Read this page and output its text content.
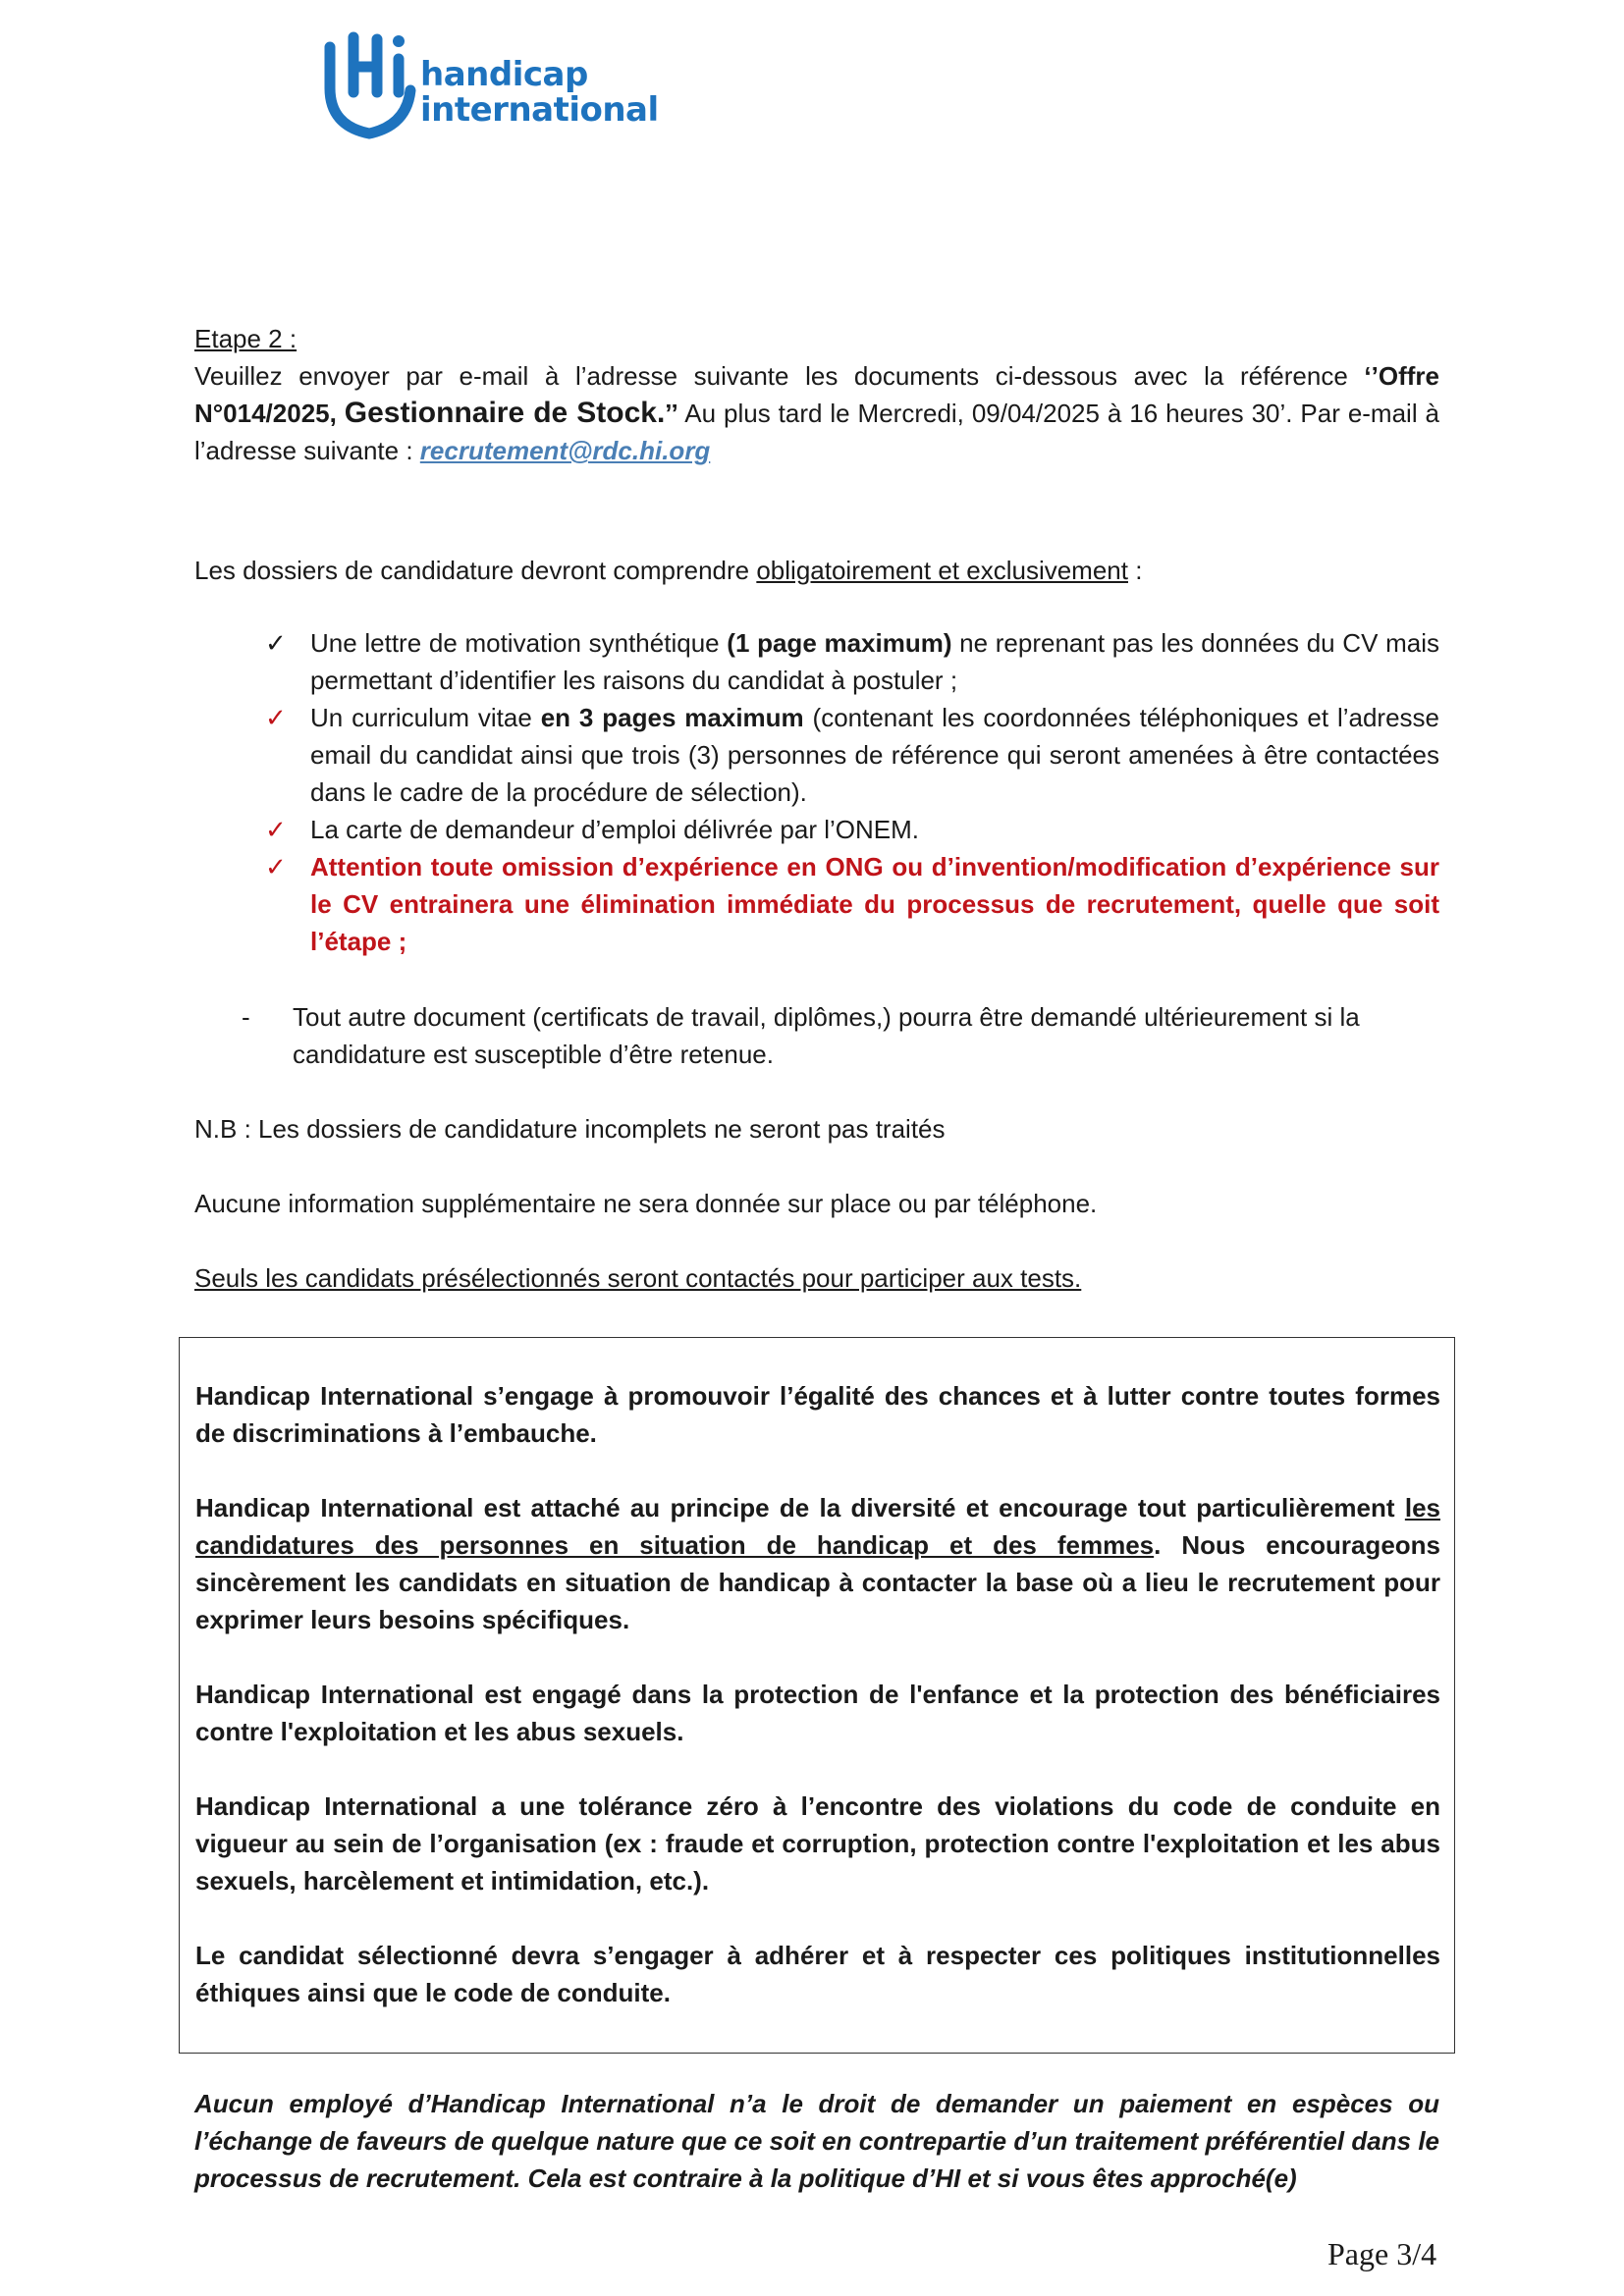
handicap
international
Etape 2 :
Veuillez envoyer par e-mail à l’adresse suivante les documents ci-dessous avec la référence ‘’Offre N°014/2025, Gestionnaire de Stock.’’ Au plus tard le Mercredi, 09/04/2025 à 16 heures 30’. Par e-mail à l’adresse suivante : recrutement@rdc.hi.org
Les dossiers de candidature devront comprendre obligatoirement et exclusivement :
✓ Une lettre de motivation synthétique (1 page maximum) ne reprenant pas les données du CV mais permettant d’identifier les raisons du candidat à postuler ;
✓ Un curriculum vitae en 3 pages maximum (contenant les coordonnées téléphoniques et l’adresse email du candidat ainsi que trois (3) personnes de référence qui seront amenées à être contactées dans le cadre de la procédure de sélection).
✓ La carte de demandeur d’emploi délivrée par l’ONEM.
✓ Attention toute omission d’expérience en ONG ou d’invention/modification d’expérience sur le CV entrainera une élimination immédiate du processus de recrutement, quelle que soit l’étape ;
-	Tout autre document (certificats de travail, diplômes,) pourra être demandé ultérieurement si la candidature est susceptible d’être retenue.
N.B : Les dossiers de candidature incomplets ne seront pas traités
Aucune information supplémentaire ne sera donnée sur place ou par téléphone.
Seuls les candidats présélectionnés seront contactés pour participer aux tests.

Handicap International s’engage à promouvoir l’égalité des chances et à lutter contre toutes formes de discriminations à l’embauche.

Handicap International est attaché au principe de la diversité et encourage tout particulièrement les candidatures des personnes en situation de handicap et des femmes. Nous encourageons sincèrement les candidats en situation de handicap à contacter la base où a lieu le recrutement pour exprimer leurs besoins spécifiques.

Handicap International est engagé dans la protection de l'enfance et la protection des bénéficiaires contre l'exploitation et les abus sexuels.

Handicap International a une tolérance zéro à l’encontre des violations du code de conduite en vigueur au sein de l’organisation (ex : fraude et corruption, protection contre l'exploitation et les abus sexuels, harcèlement et intimidation, etc.).

Le candidat sélectionné devra s’engager à adhérer et à respecter ces politiques institutionnelles éthiques ainsi que le code de conduite.

Aucun employé d’Handicap International n’a le droit de demander un paiement en espèces ou l’échange de faveurs de quelque nature que ce soit en contrepartie d’un traitement préférentiel dans le processus de recrutement. Cela est contraire à la politique d’HI et si vous êtes approché(e)
Page 3/4
